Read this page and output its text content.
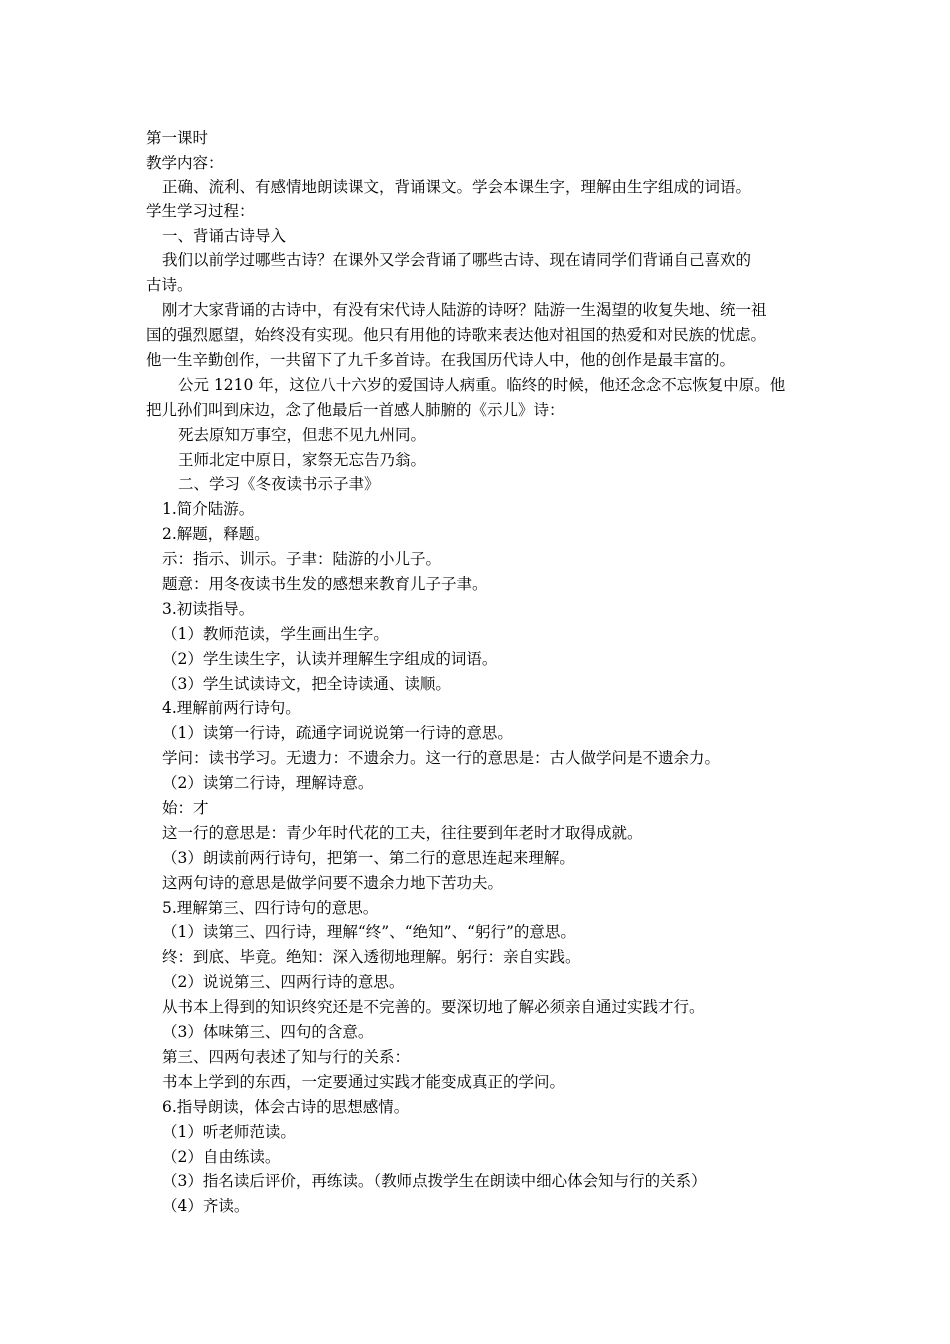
第一课时
教学内容：
正确、流利、有感情地朗读课文，背诵课文。学会本课生字，理解由生字组成的词语。
学生学习过程：
一、背诵古诗导入
我们以前学过哪些古诗？在课外又学会背诵了哪些古诗、现在请同学们背诵自己喜欢的
古诗。
刚才大家背诵的古诗中，有没有宋代诗人陆游的诗呀？陆游一生渴望的收复失地、统一祖
国的强烈愿望，始终没有实现。他只有用他的诗歌来表达他对祖国的热爱和对民族的忧虑。
他一生辛勤创作，一共留下了九千多首诗。在我国历代诗人中，他的创作是最丰富的。
公元 1210 年，这位八十六岁的爱国诗人病重。临终的时候，他还念念不忘恢复中原。他
把儿孙们叫到床边，念了他最后一首感人肺腑的《示儿》诗：
死去原知万事空，但悲不见九州同。
王师北定中原日，家祭无忘告乃翁。
二、学习《冬夜读书示子聿》
1.简介陆游。
2.解题，释题。
示：指示、训示。子聿：陆游的小儿子。
题意：用冬夜读书生发的感想来教育儿子子聿。
3.初读指导。
（1）教师范读，学生画出生字。
（2）学生读生字，认读并理解生字组成的词语。
（3）学生试读诗文，把全诗读通、读顺。
4.理解前两行诗句。
（1）读第一行诗，疏通字词说说第一行诗的意思。
学问：读书学习。无遗力：不遗余力。这一行的意思是：古人做学问是不遗余力。
（2）读第二行诗，理解诗意。
始：才
这一行的意思是：青少年时代花的工夫，往往要到年老时才取得成就。
（3）朗读前两行诗句，把第一、第二行的意思连起来理解。
这两句诗的意思是做学问要不遗余力地下苦功夫。
5.理解第三、四行诗句的意思。
（1）读第三、四行诗，理解“终”、“绝知”、“躬行”的意思。
终：到底、毕竟。绝知：深入透彻地理解。躬行：亲自实践。
（2）说说第三、四两行诗的意思。
从书本上得到的知识终究还是不完善的。要深切地了解必须亲自通过实践才行。
（3）体味第三、四句的含意。
第三、四两句表述了知与行的关系：
书本上学到的东西，一定要通过实践才能变成真正的学问。
6.指导朗读，体会古诗的思想感情。
（1）听老师范读。
（2）自由练读。
（3）指名读后评价，再练读。（教师点拨学生在朗读中细心体会知与行的关系）
（4）齐读。
